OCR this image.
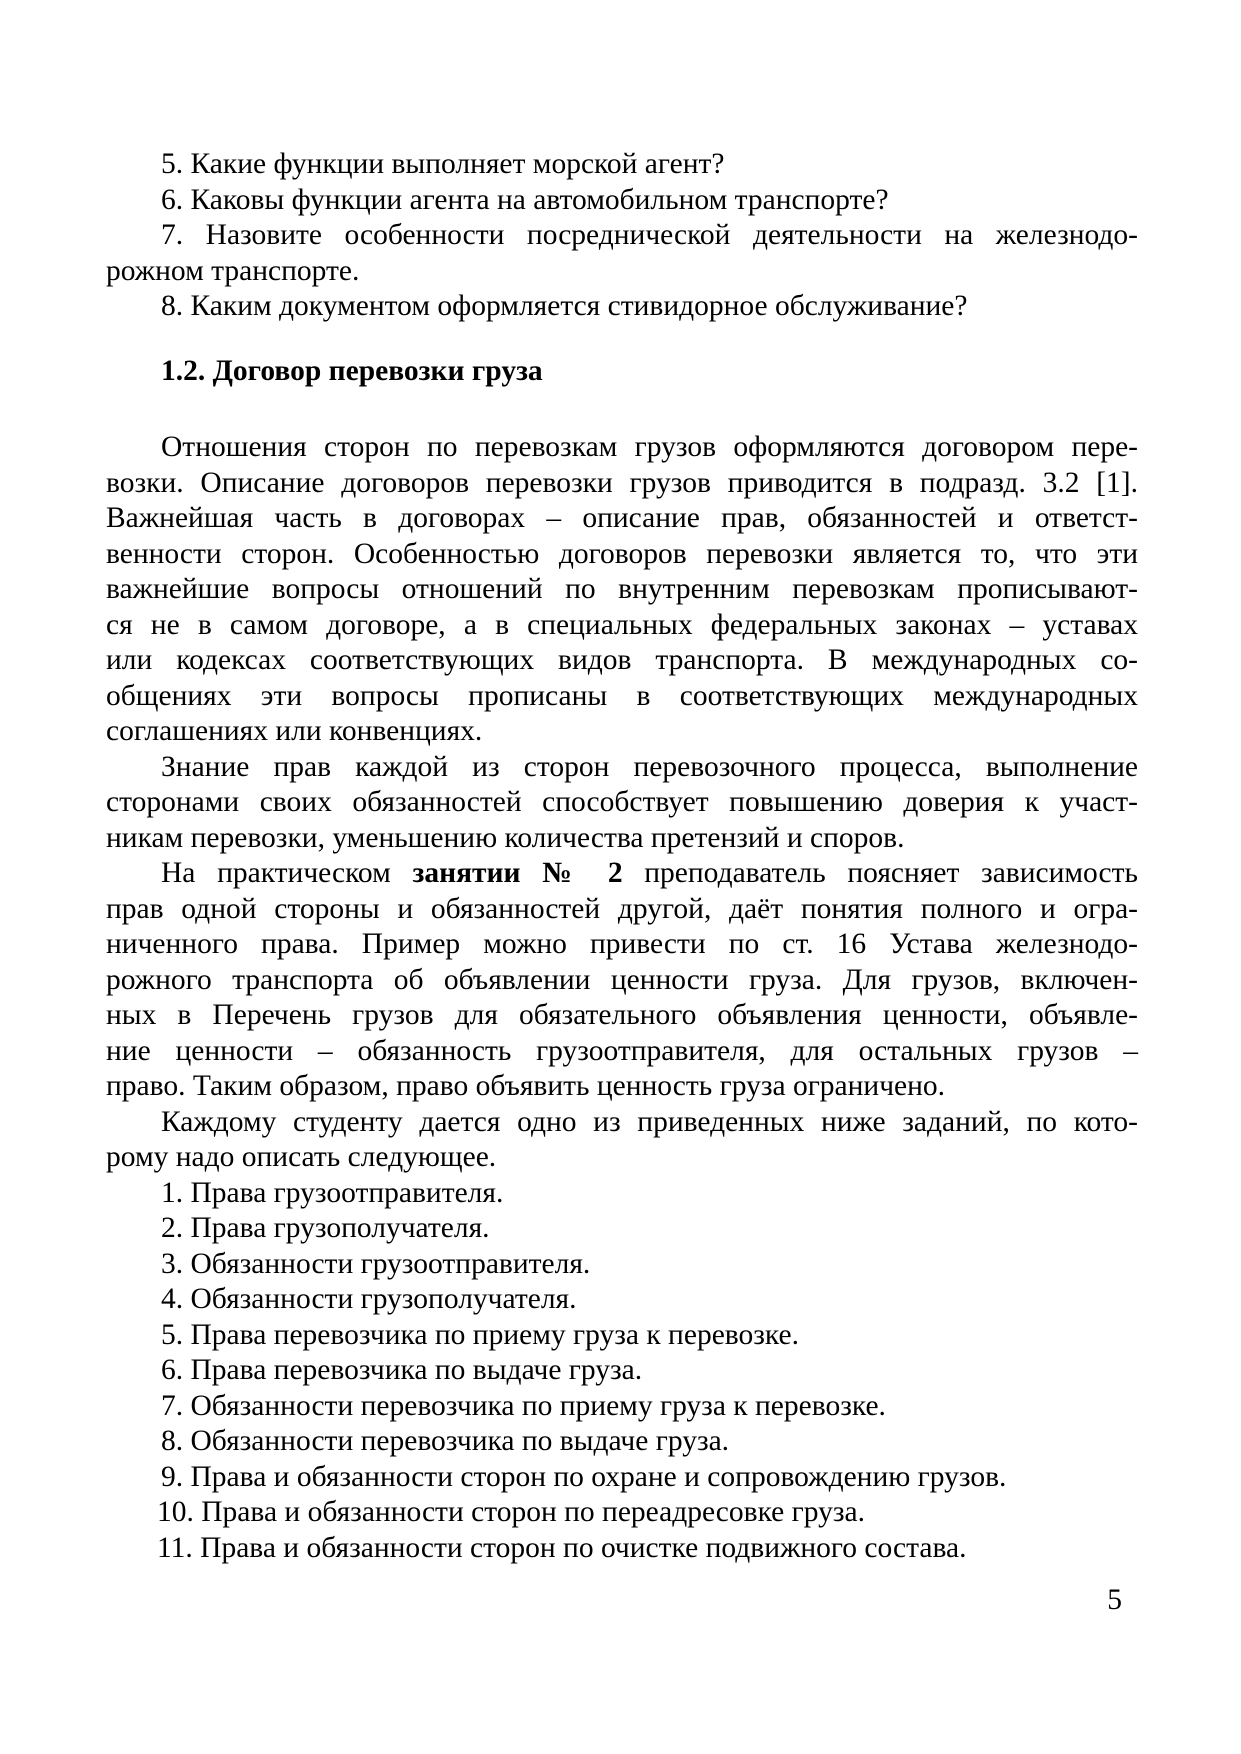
5. Какие функции выполняет морской агент?
6. Каковы функции агента на автомобильном транспорте?
7. Назовите особенности посреднической деятельности на железнодо-
рожном транспорте.
8. Каким документом оформляется стивидорное обслуживание?
1.2. Договор перевозки груза
Отношения сторон по перевозкам грузов оформляются договором пере-
возки. Описание договоров перевозки грузов приводится в подразд. 3.2 [1].
Важнейшая часть в договорах – описание прав, обязанностей и ответст-
венности сторон. Особенностью договоров перевозки является то, что эти
важнейшие вопросы отношений по внутренним перевозкам прописывают-
ся не в самом договоре, а в специальных федеральных законах – уставах
или кодексах соответствующих видов транспорта. В международных со-
общениях эти вопросы прописаны в соответствующих международных
соглашениях или конвенциях.
Знание прав каждой из сторон перевозочного процесса, выполнение
сторонами своих обязанностей способствует повышению доверия к участ-
никам перевозки, уменьшению количества претензий и споров.
На практическом занятии № 2 преподаватель поясняет зависимость
прав одной стороны и обязанностей другой, даёт понятия полного и огра-
ниченного права. Пример можно привести по ст. 16 Устава железнодо-
рожного транспорта об объявлении ценности груза. Для грузов, включен-
ных в Перечень грузов для обязательного объявления ценности, объявле-
ние ценности – обязанность грузоотправителя, для остальных грузов –
право. Таким образом, право объявить ценность груза ограничено.
Каждому студенту дается одно из приведенных ниже заданий, по кото-
рому надо описать следующее.
1. Права грузоотправителя.
2. Права грузополучателя.
3. Обязанности грузоотправителя.
4. Обязанности грузополучателя.
5. Права перевозчика по приему груза к перевозке.
6. Права перевозчика по выдаче груза.
7. Обязанности перевозчика по приему груза к перевозке.
8. Обязанности перевозчика по выдаче груза.
9. Права и обязанности сторон по охране и сопровождению грузов.
10. Права и обязанности сторон по переадресовке груза.
11. Права и обязанности сторон по очистке подвижного состава.
5
